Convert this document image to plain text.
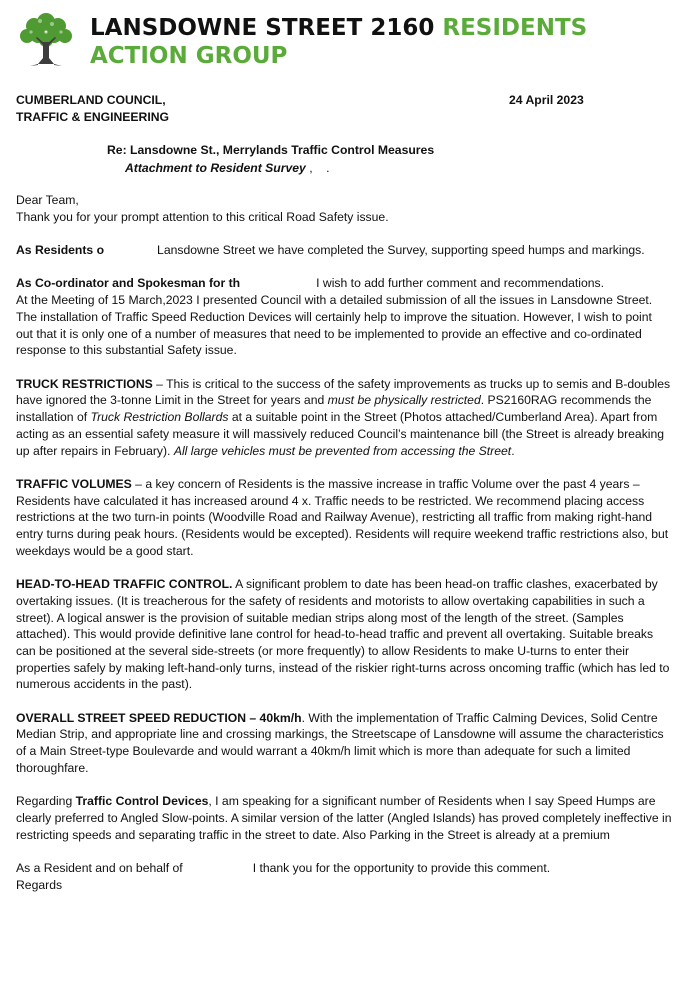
LANSDOWNE STREET 2160 RESIDENTS ACTION GROUP
CUMBERLAND COUNCIL,
TRAFFIC & ENGINEERING
24 April 2023
Re: Lansdowne St., Merrylands Traffic Control Measures
Attachment to Resident Survey ,    .

Dear Team,

Thank you for your prompt attention to this critical Road Safety issue.

As Residents o	Lansdowne Street we have completed the Survey, supporting speed humps and markings.

As Co-ordinator and Spokesman for th	I wish to add further comment and recommendations.
At the Meeting of 15 March,2023 I presented Council with a detailed submission of all the issues in Lansdowne Street. The installation of Traffic Speed Reduction Devices will certainly help to improve the situation. However, I wish to point out that it is only one of a number of measures that need to be implemented to provide an effective and co-ordinated response to this substantial Safety issue.

TRUCK RESTRICTIONS – This is critical to the success of the safety improvements as trucks up to semis and B-doubles have ignored the 3-tonne Limit in the Street for years and must be physically restricted. PS2160RAG recommends the installation of Truck Restriction Bollards at a suitable point in the Street (Photos attached/Cumberland Area). Apart from acting as an essential safety measure it will massively reduced Council’s maintenance bill (the Street is already breaking up after repairs in February). All large vehicles must be prevented from accessing the Street.

TRAFFIC VOLUMES – a key concern of Residents is the massive increase in traffic Volume over the past 4 years – Residents have calculated it has increased around 4 x. Traffic needs to be restricted. We recommend placing access restrictions at the two turn-in points (Woodville Road and Railway Avenue), restricting all traffic from making right-hand entry turns during peak hours. (Residents would be excepted). Residents will require weekend traffic restrictions also, but weekdays would be a good start.

HEAD-TO-HEAD TRAFFIC CONTROL. A significant problem to date has been head-on traffic clashes, exacerbated by overtaking issues. (It is treacherous for the safety of residents and motorists to allow overtaking capabilities in such a street). A logical answer is the provision of suitable median strips along most of the length of the street. (Samples attached). This would provide definitive lane control for head-to-head traffic and prevent all overtaking. Suitable breaks can be positioned at the several side-streets (or more frequently) to allow Residents to make U-turns to enter their properties safely by making left-hand-only turns, instead of the riskier right-turns across oncoming traffic (which has led to numerous accidents in the past).

OVERALL STREET SPEED REDUCTION – 40km/h. With the implementation of Traffic Calming Devices, Solid Centre Median Strip, and appropriate line and crossing markings, the Streetscape of Lansdowne will assume the characteristics of a Main Street-type Boulevarde and would warrant a 40km/h limit which is more than adequate for such a limited thoroughfare.

Regarding Traffic Control Devices, I am speaking for a significant number of Residents when I say Speed Humps are clearly preferred to Angled Slow-points. A similar version of the latter (Angled Islands) has proved completely ineffective in restricting speeds and separating traffic in the street to date. Also Parking in the Street is already at a premium

As a Resident and on behalf of	I thank you for the opportunity to provide this comment.
Regards
